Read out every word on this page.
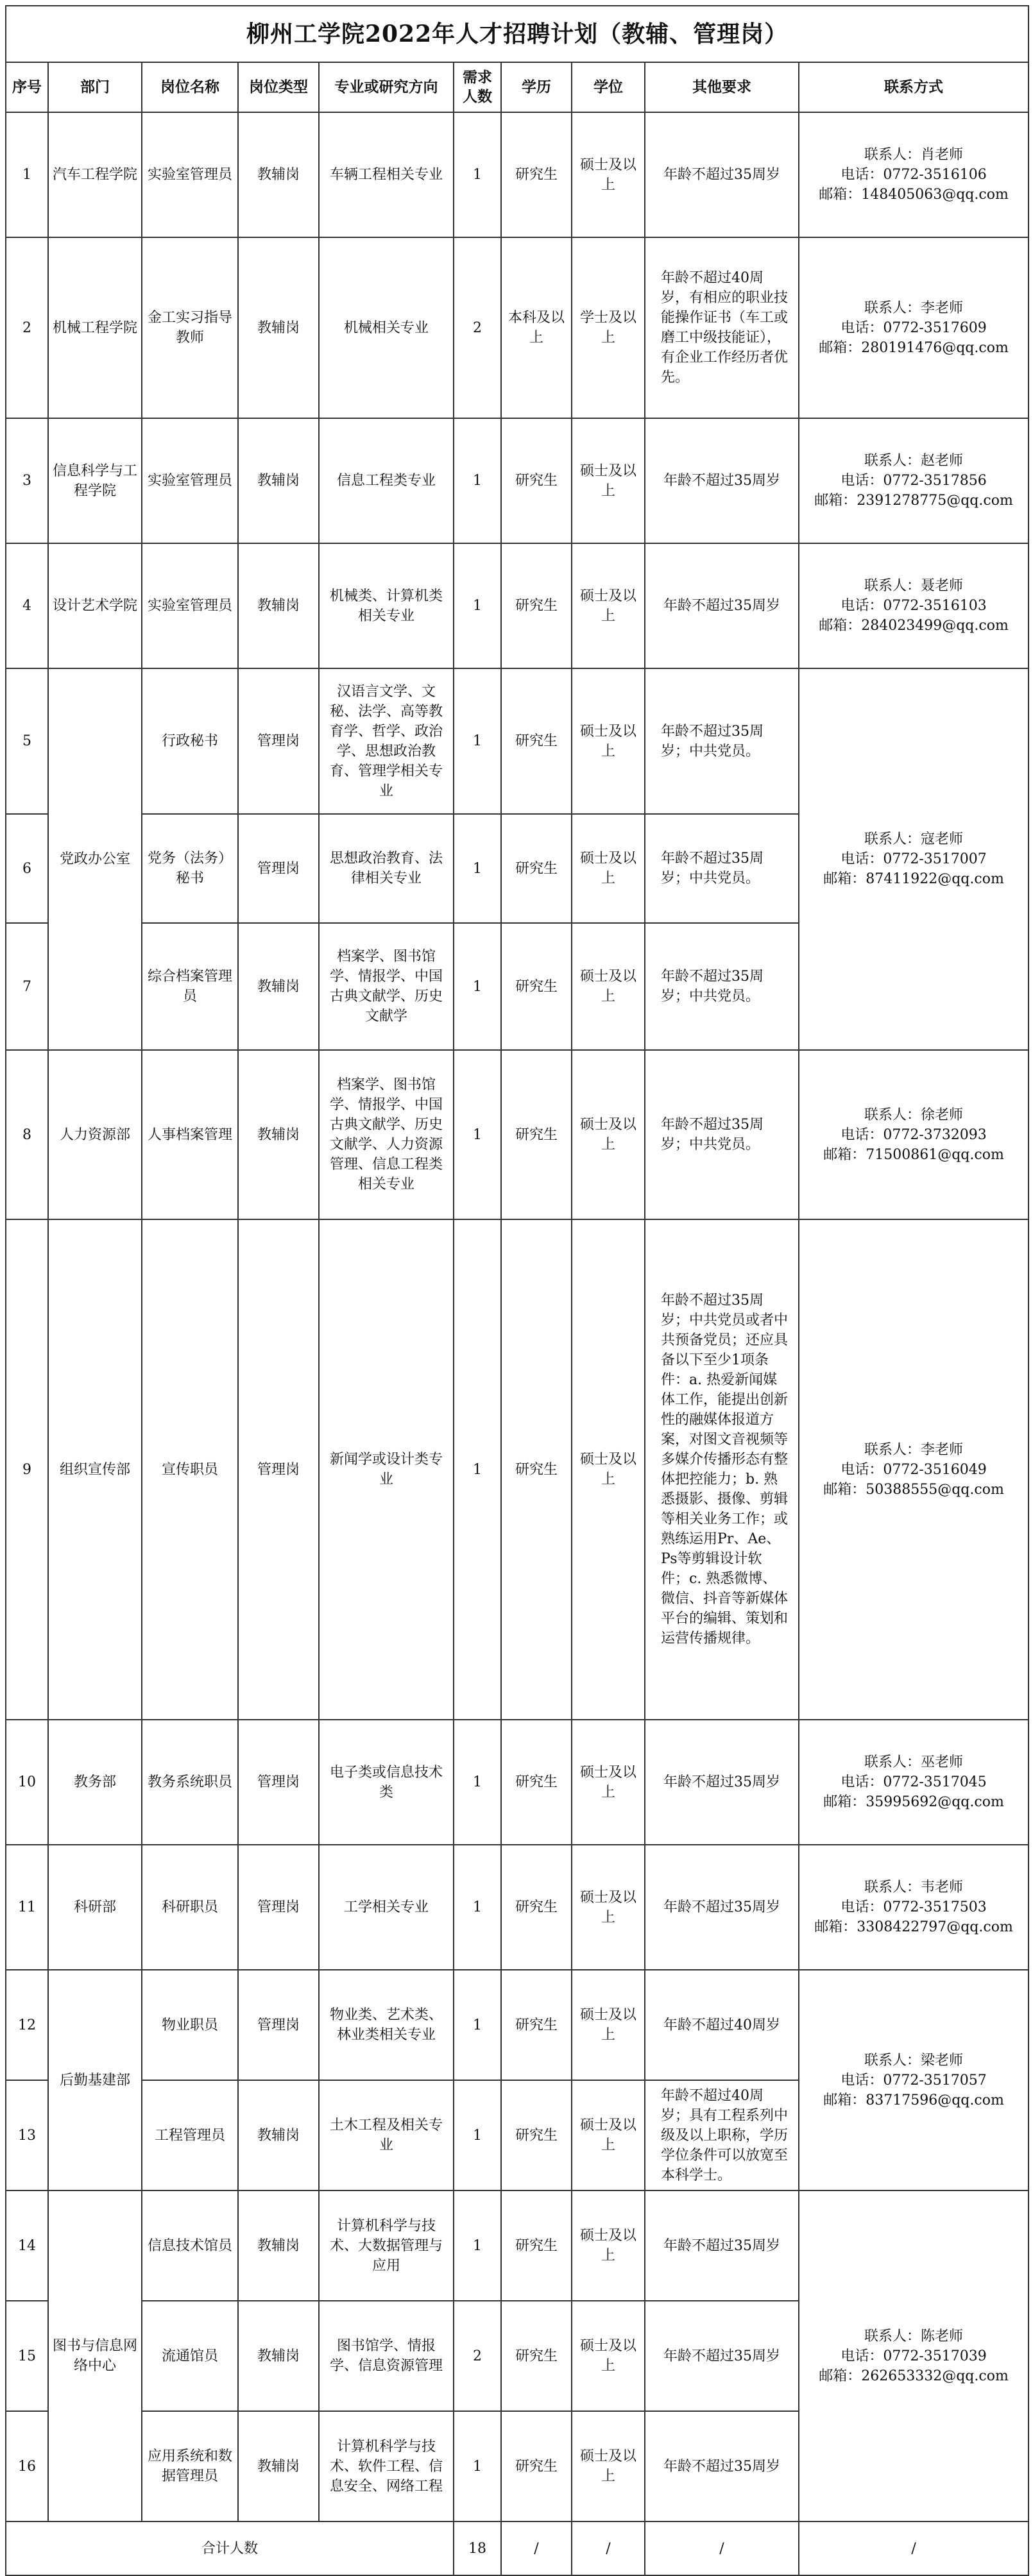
柳州工学院2022年人才招聘计划（教辅、管理岗）									
序号	部门	岗位名称	岗位类型	专业或研究方向	需求人数	学历	学位	其他要求	联系方式
1	汽车工程学院	实验室管理员	教辅岗	车辆工程相关专业	1	研究生	硕士及以上	年龄不超过35周岁	联系人：肖老师
电话：0772-3516106
邮箱：148405063@qq.com

2	机械工程学院	金工实习指导教师	教辅岗	机械相关专业	2	本科及以上	学士及以上	年龄不超过40周岁，有相应的职业技能操作证书（车工或磨工中级技能证），有企业工作经历者优先。	联系人：李老师
电话：0772-3517609
邮箱：280191476@qq.com

3	信息科学与工程学院	实验室管理员	教辅岗	信息工程类专业	1	研究生	硕士及以上	年龄不超过35周岁	联系人：赵老师
电话：0772-3517856
邮箱：2391278775@qq.com

4	设计艺术学院	实验室管理员	教辅岗	机械类、计算机类相关专业	1	研究生	硕士及以上	年龄不超过35周岁	联系人：聂老师
电话：0772-3516103
邮箱：284023499@qq.com

5	党政办公室	行政秘书	管理岗	汉语言文学、文秘、法学、高等教育学、哲学、政治学、思想政治教育、管理学相关专业	1	研究生	硕士及以上	年龄不超过35周岁；中共党员。	联系人：寇老师
电话：0772-3517007
邮箱：87411922@qq.com

6		党务（法务）秘书	管理岗	思想政治教育、法律相关专业	1	研究生	硕士及以上	年龄不超过35周岁；中共党员。	
7		综合档案管理员	教辅岗	档案学、图书馆学、情报学、中国古典文献学、历史文献学	1	研究生	硕士及以上	年龄不超过35周岁；中共党员。	
8	人力资源部	人事档案管理	教辅岗	档案学、图书馆学、情报学、中国古典文献学、历史文献学、人力资源管理、信息工程类相关专业	1	研究生	硕士及以上	年龄不超过35周岁；中共党员。	联系人：徐老师
电话：0772-3732093
邮箱：71500861@qq.com

9	组织宣传部	宣传职员	管理岗	新闻学或设计类专业	1	研究生	硕士及以上	年龄不超过35周岁；中共党员或者中共预备党员；还应具备以下至少1项条件：a. 热爱新闻媒体工作，能提出创新性的融媒体报道方案，对图文音视频等多媒介传播形态有整体把控能力；b. 熟悉摄影、摄像、剪辑等相关业务工作；或熟练运用Pr、Ae、Ps等剪辑设计软件；c. 熟悉微博、微信、抖音等新媒体平台的编辑、策划和运营传播规律。	联系人：李老师
电话：0772-3516049
邮箱：50388555@qq.com

10	教务部	教务系统职员	管理岗	电子类或信息技术类	1	研究生	硕士及以上	年龄不超过35周岁	联系人：巫老师
电话：0772-3517045
邮箱：35995692@qq.com

11	科研部	科研职员	管理岗	工学相关专业	1	研究生	硕士及以上	年龄不超过35周岁	联系人：韦老师
电话：0772-3517503
邮箱：3308422797@qq.com

12	后勤基建部	物业职员	管理岗	物业类、艺术类、林业类相关专业	1	研究生	硕士及以上	年龄不超过40周岁	联系人：梁老师
电话：0772-3517057
邮箱：83717596@qq.com

13		工程管理员	教辅岗	土木工程及相关专业	1	研究生	硕士及以上	年龄不超过40周岁；具有工程系列中级及以上职称，学历学位条件可以放宽至本科学士。	
14	图书与信息网络中心	信息技术馆员	教辅岗	计算机科学与技术、大数据管理与应用	1	研究生	硕士及以上	年龄不超过35周岁	联系人：陈老师
电话：0772-3517039
邮箱：262653332@qq.com

15		流通馆员	教辅岗	图书馆学、情报学、信息资源管理	2	研究生	硕士及以上	年龄不超过35周岁	
16		应用系统和数据管理员	教辅岗	计算机科学与技术、软件工程、信息安全、网络工程	1	研究生	硕士及以上	年龄不超过35周岁	
合计人数					18	/	/	/	/
